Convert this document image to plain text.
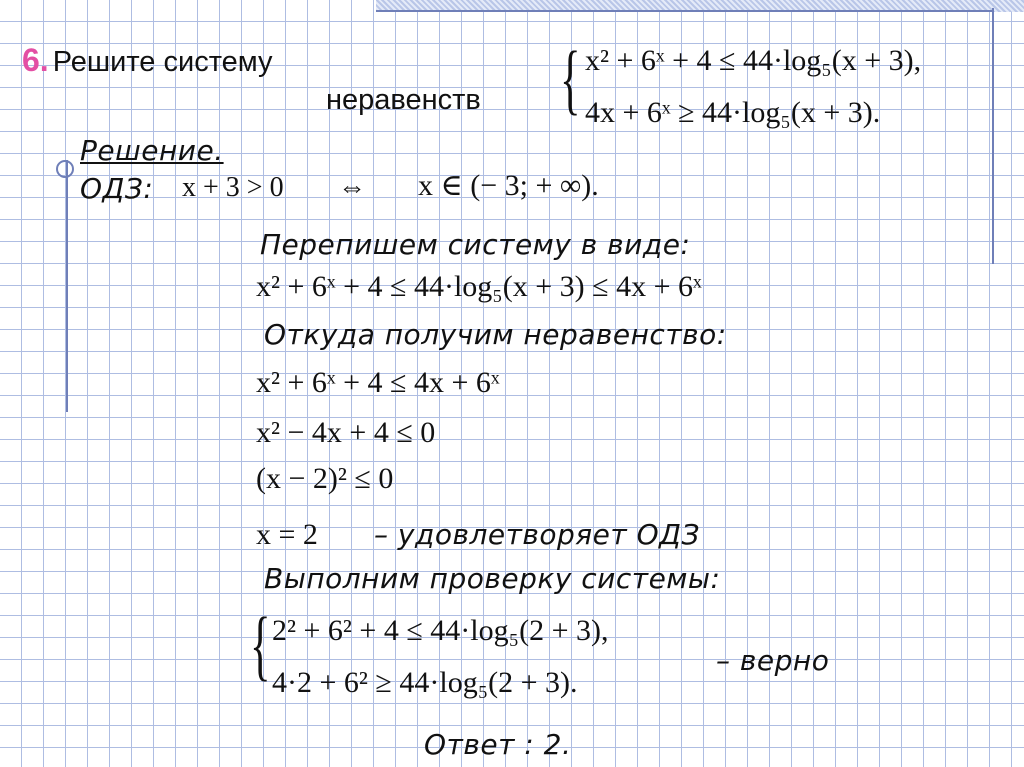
6. Решите систему
неравенств { x² + 6ˣ + 4 ≤ 44·log₅(x + 3),
4x + 6ˣ ≥ 44·log₅(x + 3).
Решение.
ОДЗ: x + 3 > 0 ⇔ x ∈ (− 3; + ∞).
Перепишем систему в виде:
x² + 6ˣ + 4 ≤ 44·log₅(x + 3) ≤ 4x + 6ˣ
Откуда получим неравенство:
x² + 6ˣ + 4 ≤ 4x + 6ˣ
x² − 4x + 4 ≤ 0
(x − 2)² ≤ 0
x = 2 – удовлетворяет ОДЗ
Выполним проверку системы:
{ 2² + 6² + 4 ≤ 44·log₅(2 + 3),
4·2 + 6² ≥ 44·log₅(2 + 3).
– верно
Ответ : 2.
